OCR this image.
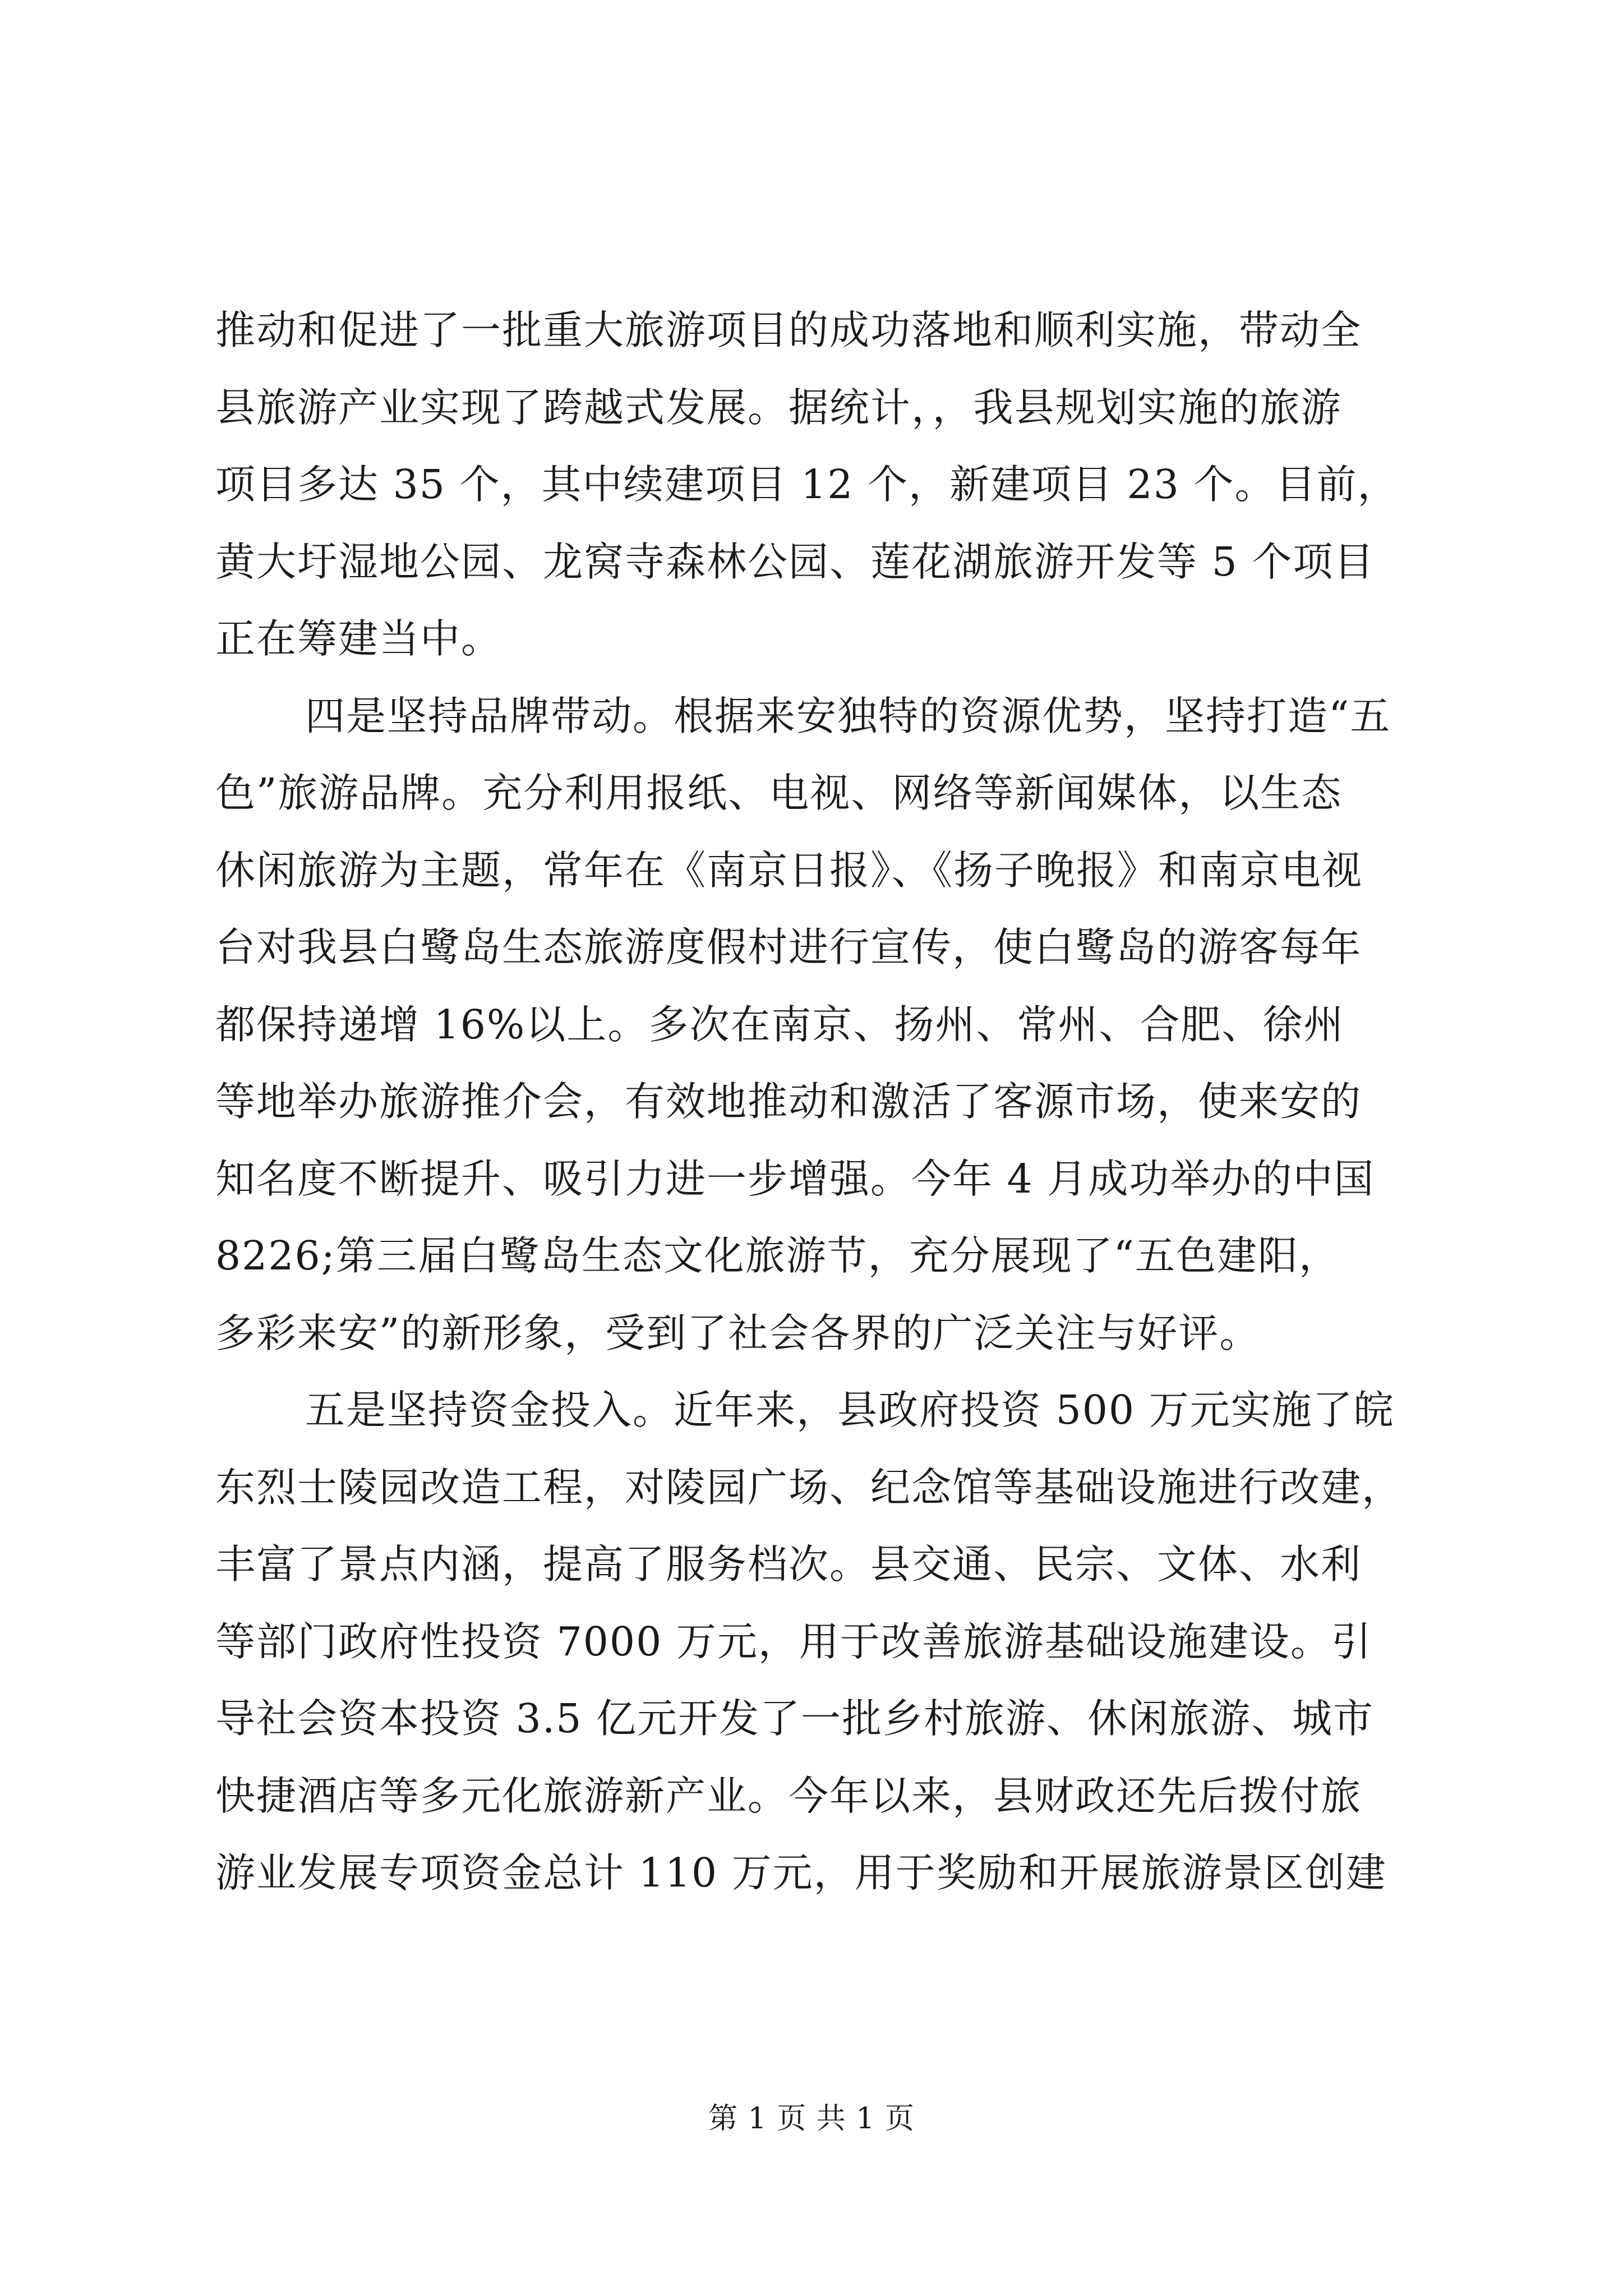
推动和促进了一批重大旅游项目的成功落地和顺利实施，带动全
县旅游产业实现了跨越式发展。据统计，，我县规划实施的旅游
项目多达 35 个，其中续建项目 12 个，新建项目 23 个。目前，
黄大圩湿地公园、龙窝寺森林公园、莲花湖旅游开发等 5 个项目
正在筹建当中。
四是坚持品牌带动。根据来安独特的资源优势，坚持打造“五
色”旅游品牌。充分利用报纸、电视、网络等新闻媒体，以生态
休闲旅游为主题，常年在《南京日报》、《扬子晚报》和南京电视
台对我县白鹭岛生态旅游度假村进行宣传，使白鹭岛的游客每年
都保持递增 16%以上。多次在南京、扬州、常州、合肥、徐州
等地举办旅游推介会，有效地推动和激活了客源市场，使来安的
知名度不断提升、吸引力进一步增强。今年 4 月成功举办的中国
8226;第三届白鹭岛生态文化旅游节，充分展现了“五色建阳，
多彩来安”的新形象，受到了社会各界的广泛关注与好评。
五是坚持资金投入。近年来，县政府投资 500 万元实施了皖
东烈士陵园改造工程，对陵园广场、纪念馆等基础设施进行改建，
丰富了景点内涵，提高了服务档次。县交通、民宗、文体、水利
等部门政府性投资 7000 万元，用于改善旅游基础设施建设。引
导社会资本投资 3.5 亿元开发了一批乡村旅游、休闲旅游、城市
快捷酒店等多元化旅游新产业。今年以来，县财政还先后拨付旅
游业发展专项资金总计 110 万元，用于奖励和开展旅游景区创建
第 1 页 共 1 页
